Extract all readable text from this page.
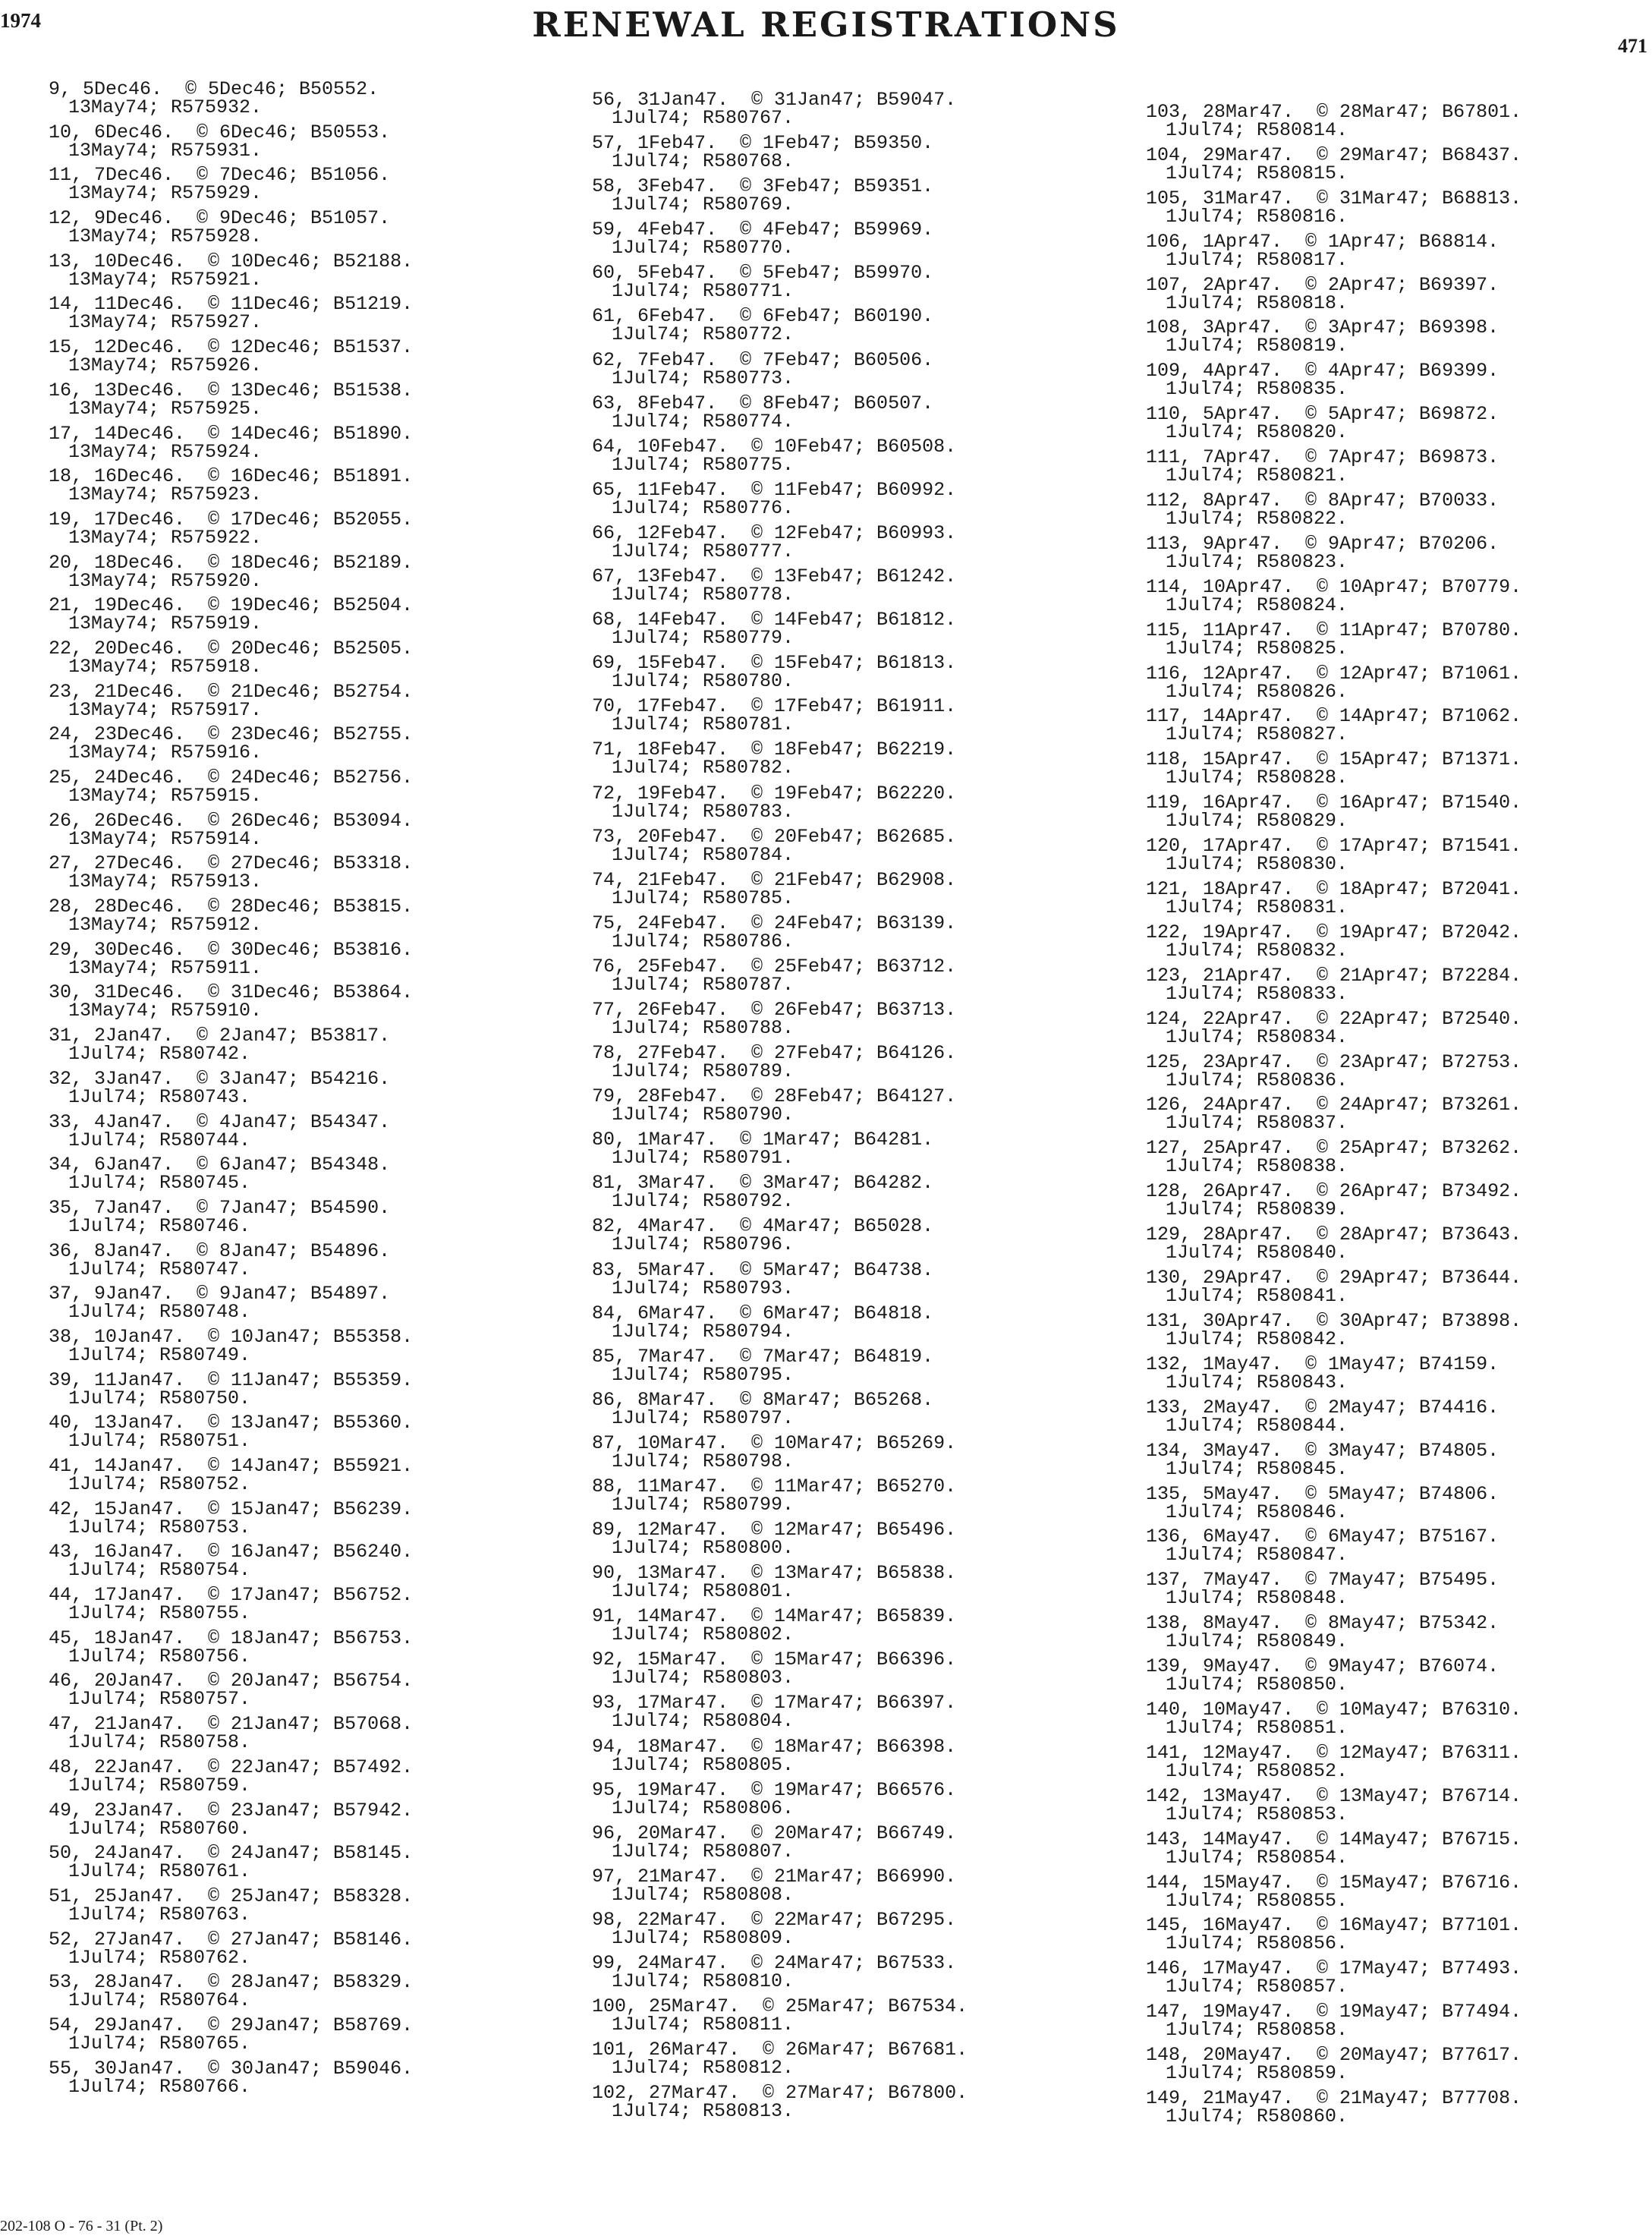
1974	RENEWAL REGISTRATIONS
471
9, 5Dec46.  © 5Dec46; B50552.
13May74; R575932.
10, 6Dec46.  © 6Dec46; B50553.
13May74; R575931.
11, 7Dec46.  © 7Dec46; B51056.
13May74; R575929.
12, 9Dec46.  © 9Dec46; B51057.
13May74; R575928.
13, 10Dec46.  © 10Dec46; B52188.
13May74; R575921.
14, 11Dec46.  © 11Dec46; B51219.
13May74; R575927.
15, 12Dec46.  © 12Dec46; B51537.
13May74; R575926.
16, 13Dec46.  © 13Dec46; B51538.
13May74; R575925.
17, 14Dec46.  © 14Dec46; B51890.
13May74; R575924.
18, 16Dec46.  © 16Dec46; B51891.
13May74; R575923.
19, 17Dec46.  © 17Dec46; B52055.
13May74; R575922.
20, 18Dec46.  © 18Dec46; B52189.
13May74; R575920.
21, 19Dec46.  © 19Dec46; B52504.
13May74; R575919.
22, 20Dec46.  © 20Dec46; B52505.
13May74; R575918.
23, 21Dec46.  © 21Dec46; B52754.
13May74; R575917.
24, 23Dec46.  © 23Dec46; B52755.
13May74; R575916.
25, 24Dec46.  © 24Dec46; B52756.
13May74; R575915.
26, 26Dec46.  © 26Dec46; B53094.
13May74; R575914.
27, 27Dec46.  © 27Dec46; B53318.
13May74; R575913.
28, 28Dec46.  © 28Dec46; B53815.
13May74; R575912.
29, 30Dec46.  © 30Dec46; B53816.
13May74; R575911.
30, 31Dec46.  © 31Dec46; B53864.
13May74; R575910.
31, 2Jan47.  © 2Jan47; B53817.
1Jul74; R580742.
32, 3Jan47.  © 3Jan47; B54216.
1Jul74; R580743.
33, 4Jan47.  © 4Jan47; B54347.
1Jul74; R580744.
34, 6Jan47.  © 6Jan47; B54348.
1Jul74; R580745.
35, 7Jan47.  © 7Jan47; B54590.
1Jul74; R580746.
36, 8Jan47.  © 8Jan47; B54896.
1Jul74; R580747.
37, 9Jan47.  © 9Jan47; B54897.
1Jul74; R580748.
38, 10Jan47.  © 10Jan47; B55358.
1Jul74; R580749.
39, 11Jan47.  © 11Jan47; B55359.
1Jul74; R580750.
40, 13Jan47.  © 13Jan47; B55360.
1Jul74; R580751.
41, 14Jan47.  © 14Jan47; B55921.
1Jul74; R580752.
42, 15Jan47.  © 15Jan47; B56239.
1Jul74; R580753.
43, 16Jan47.  © 16Jan47; B56240.
1Jul74; R580754.
44, 17Jan47.  © 17Jan47; B56752.
1Jul74; R580755.
45, 18Jan47.  © 18Jan47; B56753.
1Jul74; R580756.
46, 20Jan47.  © 20Jan47; B56754.
1Jul74; R580757.
47, 21Jan47.  © 21Jan47; B57068.
1Jul74; R580758.
48, 22Jan47.  © 22Jan47; B57492.
1Jul74; R580759.
49, 23Jan47.  © 23Jan47; B57942.
1Jul74; R580760.
50, 24Jan47.  © 24Jan47; B58145.
1Jul74; R580761.
51, 25Jan47.  © 25Jan47; B58328.
1Jul74; R580763.
52, 27Jan47.  © 27Jan47; B58146.
1Jul74; R580762.
53, 28Jan47.  © 28Jan47; B58329.
1Jul74; R580764.
54, 29Jan47.  © 29Jan47; B58769.
1Jul74; R580765.
55, 30Jan47.  © 30Jan47; B59046.
1Jul74; R580766.
56, 31Jan47.  © 31Jan47; B59047.
1Jul74; R580767.
57, 1Feb47.  © 1Feb47; B59350.
1Jul74; R580768.
58, 3Feb47.  © 3Feb47; B59351.
1Jul74; R580769.
59, 4Feb47.  © 4Feb47; B59969.
1Jul74; R580770.
60, 5Feb47.  © 5Feb47; B59970.
1Jul74; R580771.
61, 6Feb47.  © 6Feb47; B60190.
1Jul74; R580772.
62, 7Feb47.  © 7Feb47; B60506.
1Jul74; R580773.
63, 8Feb47.  © 8Feb47; B60507.
1Jul74; R580774.
64, 10Feb47.  © 10Feb47; B60508.
1Jul74; R580775.
65, 11Feb47.  © 11Feb47; B60992.
1Jul74; R580776.
66, 12Feb47.  © 12Feb47; B60993.
1Jul74; R580777.
67, 13Feb47.  © 13Feb47; B61242.
1Jul74; R580778.
68, 14Feb47.  © 14Feb47; B61812.
1Jul74; R580779.
69, 15Feb47.  © 15Feb47; B61813.
1Jul74; R580780.
70, 17Feb47.  © 17Feb47; B61911.
1Jul74; R580781.
71, 18Feb47.  © 18Feb47; B62219.
1Jul74; R580782.
72, 19Feb47.  © 19Feb47; B62220.
1Jul74; R580783.
73, 20Feb47.  © 20Feb47; B62685.
1Jul74; R580784.
74, 21Feb47.  © 21Feb47; B62908.
1Jul74; R580785.
75, 24Feb47.  © 24Feb47; B63139.
1Jul74; R580786.
76, 25Feb47.  © 25Feb47; B63712.
1Jul74; R580787.
77, 26Feb47.  © 26Feb47; B63713.
1Jul74; R580788.
78, 27Feb47.  © 27Feb47; B64126.
1Jul74; R580789.
79, 28Feb47.  © 28Feb47; B64127.
1Jul74; R580790.
80, 1Mar47.  © 1Mar47; B64281.
1Jul74; R580791.
81, 3Mar47.  © 3Mar47; B64282.
1Jul74; R580792.
82, 4Mar47.  © 4Mar47; B65028.
1Jul74; R580796.
83, 5Mar47.  © 5Mar47; B64738.
1Jul74; R580793.
84, 6Mar47.  © 6Mar47; B64818.
1Jul74; R580794.
85, 7Mar47.  © 7Mar47; B64819.
1Jul74; R580795.
86, 8Mar47.  © 8Mar47; B65268.
1Jul74; R580797.
87, 10Mar47.  © 10Mar47; B65269.
1Jul74; R580798.
88, 11Mar47.  © 11Mar47; B65270.
1Jul74; R580799.
89, 12Mar47.  © 12Mar47; B65496.
1Jul74; R580800.
90, 13Mar47.  © 13Mar47; B65838.
1Jul74; R580801.
91, 14Mar47.  © 14Mar47; B65839.
1Jul74; R580802.
92, 15Mar47.  © 15Mar47; B66396.
1Jul74; R580803.
93, 17Mar47.  © 17Mar47; B66397.
1Jul74; R580804.
94, 18Mar47.  © 18Mar47; B66398.
1Jul74; R580805.
95, 19Mar47.  © 19Mar47; B66576.
1Jul74; R580806.
96, 20Mar47.  © 20Mar47; B66749.
1Jul74; R580807.
97, 21Mar47.  © 21Mar47; B66990.
1Jul74; R580808.
98, 22Mar47.  © 22Mar47; B67295.
1Jul74; R580809.
99, 24Mar47.  © 24Mar47; B67533.
1Jul74; R580810.
100, 25Mar47.  © 25Mar47; B67534.
1Jul74; R580811.
101, 26Mar47.  © 26Mar47; B67681.
1Jul74; R580812.
102, 27Mar47.  © 27Mar47; B67800.
1Jul74; R580813.
103, 28Mar47.  © 28Mar47; B67801.
1Jul74; R580814.
104, 29Mar47.  © 29Mar47; B68437.
1Jul74; R580815.
105, 31Mar47.  © 31Mar47; B68813.
1Jul74; R580816.
106, 1Apr47.  © 1Apr47; B68814.
1Jul74; R580817.
107, 2Apr47.  © 2Apr47; B69397.
1Jul74; R580818.
108, 3Apr47.  © 3Apr47; B69398.
1Jul74; R580819.
109, 4Apr47.  © 4Apr47; B69399.
1Jul74; R580835.
110, 5Apr47.  © 5Apr47; B69872.
1Jul74; R580820.
111, 7Apr47.  © 7Apr47; B69873.
1Jul74; R580821.
112, 8Apr47.  © 8Apr47; B70033.
1Jul74; R580822.
113, 9Apr47.  © 9Apr47; B70206.
1Jul74; R580823.
114, 10Apr47.  © 10Apr47; B70779.
1Jul74; R580824.
115, 11Apr47.  © 11Apr47; B70780.
1Jul74; R580825.
116, 12Apr47.  © 12Apr47; B71061.
1Jul74; R580826.
117, 14Apr47.  © 14Apr47; B71062.
1Jul74; R580827.
118, 15Apr47.  © 15Apr47; B71371.
1Jul74; R580828.
119, 16Apr47.  © 16Apr47; B71540.
1Jul74; R580829.
120, 17Apr47.  © 17Apr47; B71541.
1Jul74; R580830.
121, 18Apr47.  © 18Apr47; B72041.
1Jul74; R580831.
122, 19Apr47.  © 19Apr47; B72042.
1Jul74; R580832.
123, 21Apr47.  © 21Apr47; B72284.
1Jul74; R580833.
124, 22Apr47.  © 22Apr47; B72540.
1Jul74; R580834.
125, 23Apr47.  © 23Apr47; B72753.
1Jul74; R580836.
126, 24Apr47.  © 24Apr47; B73261.
1Jul74; R580837.
127, 25Apr47.  © 25Apr47; B73262.
1Jul74; R580838.
128, 26Apr47.  © 26Apr47; B73492.
1Jul74; R580839.
129, 28Apr47.  © 28Apr47; B73643.
1Jul74; R580840.
130, 29Apr47.  © 29Apr47; B73644.
1Jul74; R580841.
131, 30Apr47.  © 30Apr47; B73898.
1Jul74; R580842.
132, 1May47.  © 1May47; B74159.
1Jul74; R580843.
133, 2May47.  © 2May47; B74416.
1Jul74; R580844.
134, 3May47.  © 3May47; B74805.
1Jul74; R580845.
135, 5May47.  © 5May47; B74806.
1Jul74; R580846.
136, 6May47.  © 6May47; B75167.
1Jul74; R580847.
137, 7May47.  © 7May47; B75495.
1Jul74; R580848.
138, 8May47.  © 8May47; B75342.
1Jul74; R580849.
139, 9May47.  © 9May47; B76074.
1Jul74; R580850.
140, 10May47.  © 10May47; B76310.
1Jul74; R580851.
141, 12May47.  © 12May47; B76311.
1Jul74; R580852.
142, 13May47.  © 13May47; B76714.
1Jul74; R580853.
143, 14May47.  © 14May47; B76715.
1Jul74; R580854.
144, 15May47.  © 15May47; B76716.
1Jul74; R580855.
145, 16May47.  © 16May47; B77101.
1Jul74; R580856.
146, 17May47.  © 17May47; B77493.
1Jul74; R580857.
147, 19May47.  © 19May47; B77494.
1Jul74; R580858.
148, 20May47.  © 20May47; B77617.
1Jul74; R580859.
149, 21May47.  © 21May47; B77708.
1Jul74; R580860.
202-108 O - 76 - 31 (Pt. 2)
